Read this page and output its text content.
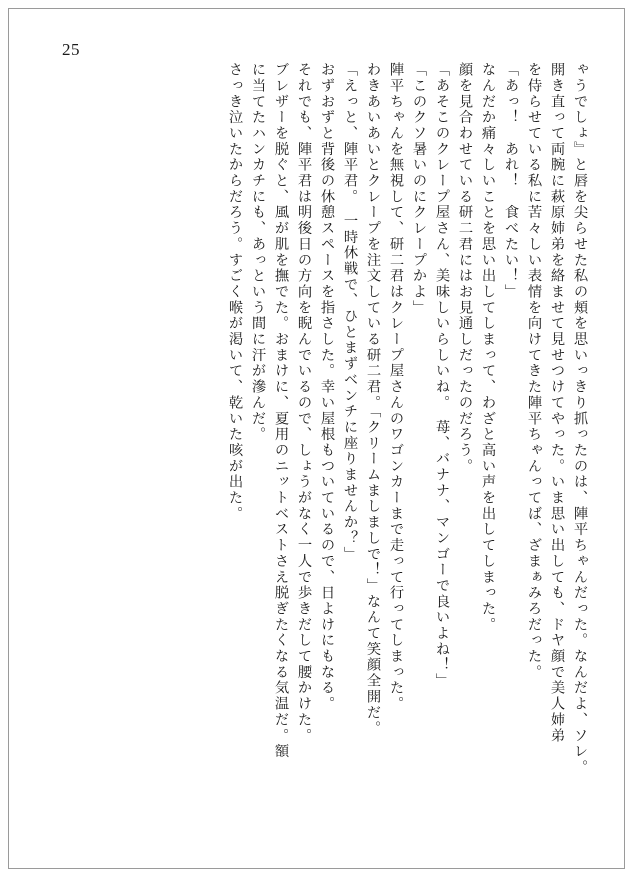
25
ゃうでしょ』と唇を尖らせた私の頬を思いっきり抓ったのは、陣平ちゃんだった。なんだよ、ソレ。
開き直って両腕に萩原姉弟を絡ませて見せつけてやった。いま思い出しても、ドヤ顔で美人姉弟
を侍らせている私に苦々しい表情を向けてきた陣平ちゃんってば、ざまぁみろだった。
「あっ！　あれ！　食べたい！」
なんだか痛々しいことを思い出してしまって、わざと高い声を出してしまった。
顔を見合わせている研二君にはお見通しだったのだろう。
「あそこのクレープ屋さん、美味しいらしいね。　苺、バナナ、マンゴーで良いよね！」
「このクソ暑いのにクレープかよ」
陣平ちゃんを無視して、研二君はクレープ屋さんのワゴンカーまで走って行ってしまった。
わきあいあいとクレープを注文している研二君。「クリームましましで！」なんて笑顔全開だ。
「えっと、陣平君。　一時休戦で、ひとまずベンチに座りませんか？」
おずおずと背後の休憩スペースを指さした。幸い屋根もついているので、日よけにもなる。
それでも、陣平君は明後日の方向を睨んでいるので、しょうがなく一人で歩きだして腰かけた。
ブレザーを脱ぐと、風が肌を撫でた。おまけに、夏用のニットベストさえ脱ぎたくなる気温だ。額
に当てたハンカチにも、あっという間に汗が滲んだ。
さっき泣いたからだろう。すごく喉が渇いて、乾いた咳が出た。
